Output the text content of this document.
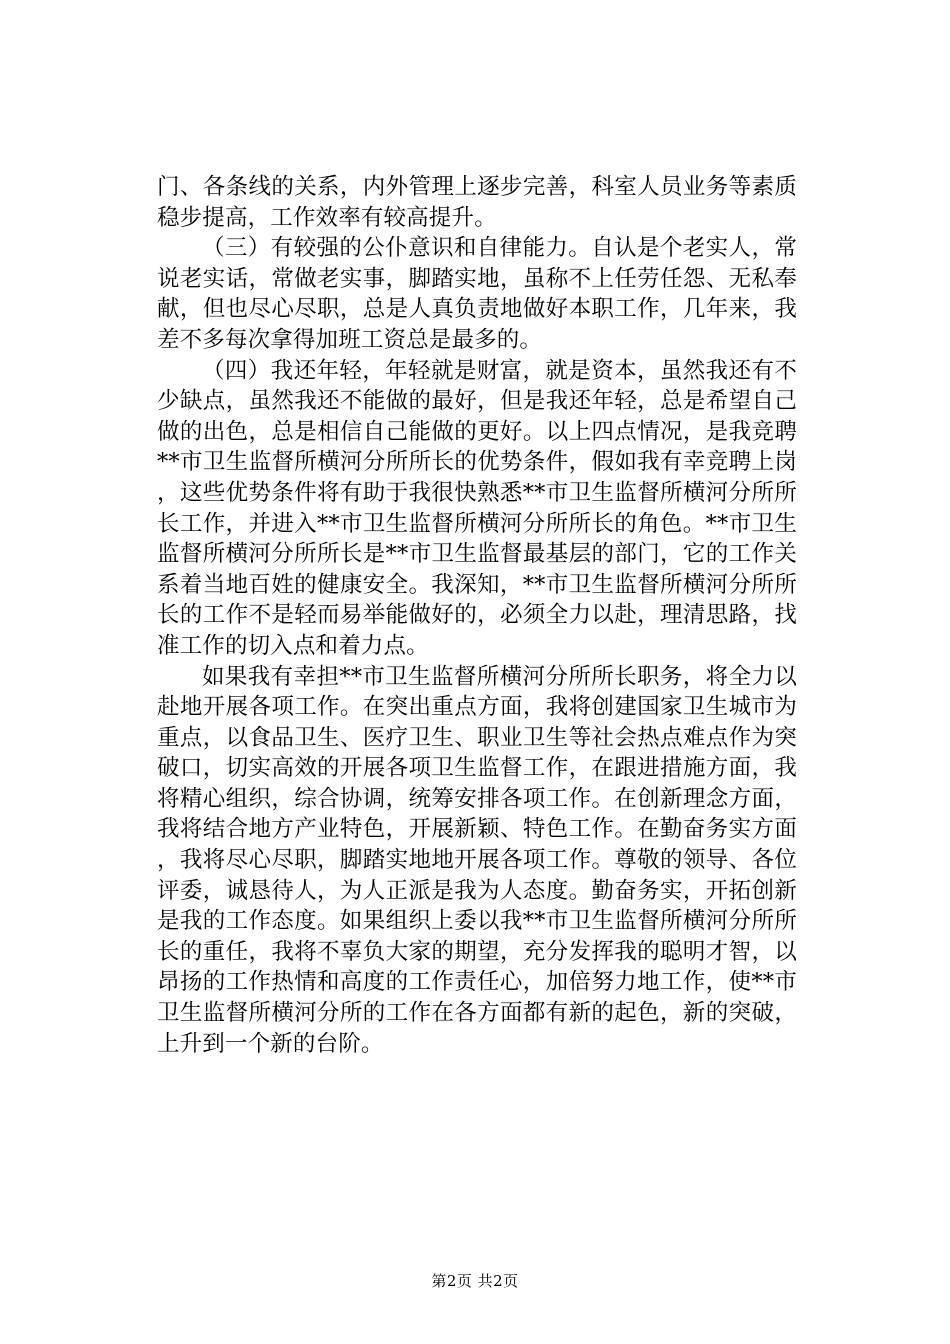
门、各条线的关系，内外管理上逐步完善，科室人员业务等素质稳步提高，工作效率有较高提升。

（三）有较强的公仆意识和自律能力。自认是个老实人，常说老实话，常做老实事，脚踏实地，虽称不上任劳任怨、无私奉献，但也尽心尽职，总是人真负责地做好本职工作，几年来，我差不多每次拿得加班工资总是最多的。

（四）我还年轻，年轻就是财富，就是资本，虽然我还有不少缺点，虽然我还不能做的最好，但是我还年轻，总是希望自己做的出色，总是相信自己能做的更好。以上四点情况，是我竞聘**市卫生监督所横河分所所长的优势条件，假如我有幸竞聘上岗，这些优势条件将有助于我很快熟悉**市卫生监督所横河分所所长工作，并进入**市卫生监督所横河分所所长的角色。**市卫生监督所横河分所所长是**市卫生监督最基层的部门，它的工作关系着当地百姓的健康安全。我深知，**市卫生监督所横河分所所长的工作不是轻而易举能做好的，必须全力以赴，理清思路，找准工作的切入点和着力点。

如果我有幸担**市卫生监督所横河分所所长职务，将全力以赴地开展各项工作。在突出重点方面，我将创建国家卫生城市为重点，以食品卫生、医疗卫生、职业卫生等社会热点难点作为突破口，切实高效的开展各项卫生监督工作，在跟进措施方面，我将精心组织，综合协调，统筹安排各项工作。在创新理念方面，我将结合地方产业特色，开展新颖、特色工作。在勤奋务实方面，我将尽心尽职，脚踏实地地开展各项工作。尊敬的领导、各位评委，诚恳待人，为人正派是我为人态度。勤奋务实，开拓创新是我的工作态度。如果组织上委以我**市卫生监督所横河分所所长的重任，我将不辜负大家的期望，充分发挥我的聪明才智，以昂扬的工作热情和高度的工作责任心，加倍努力地工作，使**市卫生监督所横河分所的工作在各方面都有新的起色，新的突破，上升到一个新的台阶。

第2页 共2页
